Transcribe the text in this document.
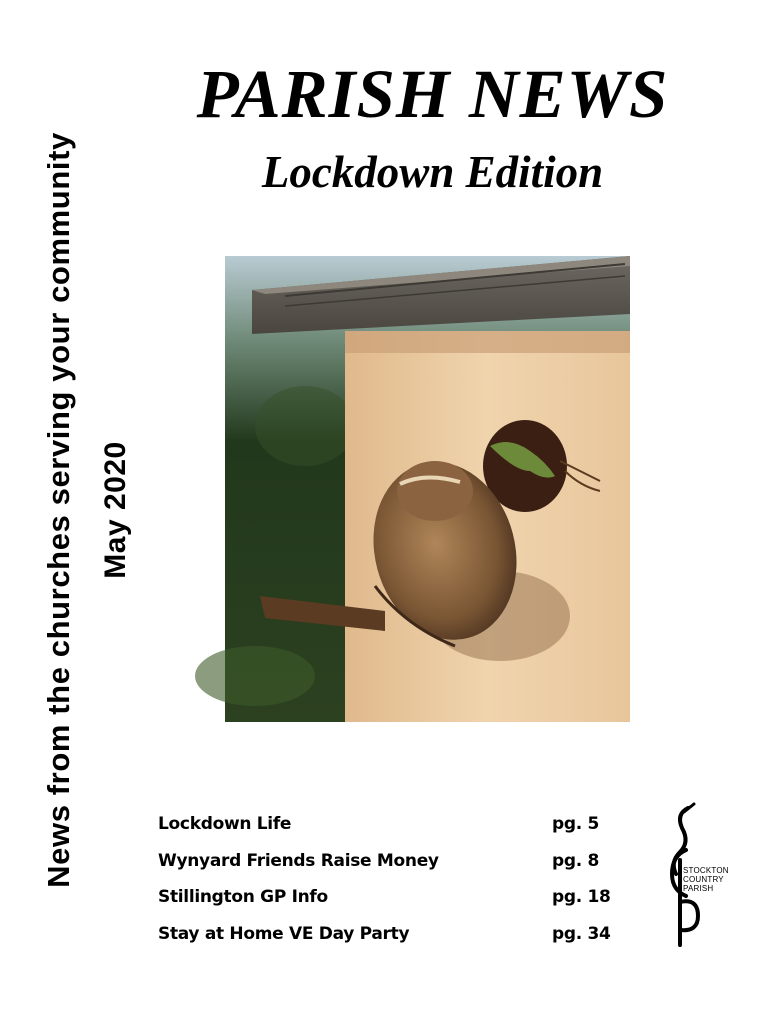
News from the churches serving your community May 2020
PARISH NEWS
Lockdown Edition
Photo by: Dezzy, Redmarshall
Lockdown Life	pg. 5
Wynyard Friends Raise Money	pg. 8
Stillington GP Info	pg. 18
Stay at Home VE Day Party	pg. 34
STOCKTON
COUNTRY
PARISH
